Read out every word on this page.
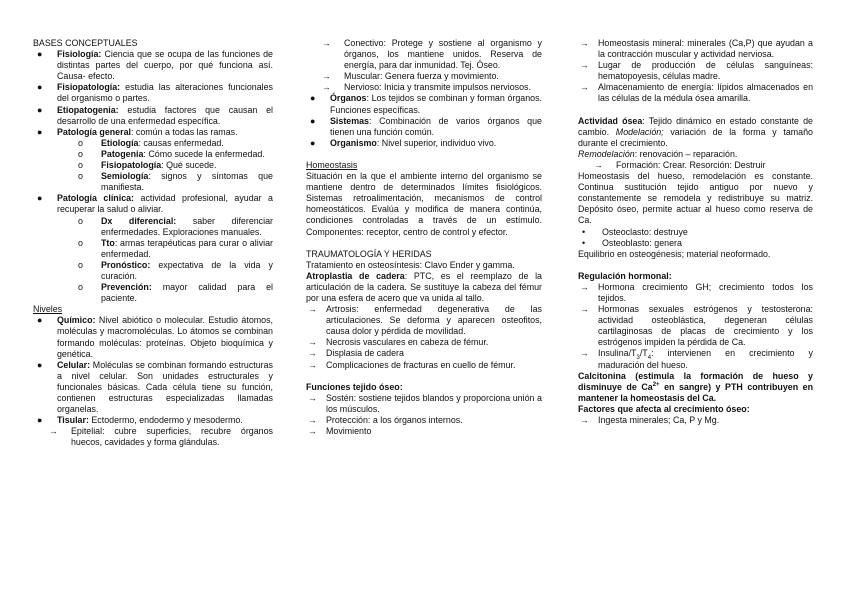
BASES CONCEPTUALES
● Fisiología: Ciencia que se ocupa de las funciones de distintas partes del cuerpo, por qué funciona así. Causa- efecto.
● Fisiopatología: estudia las alteraciones funcionales del organismo o partes.
● Etiopatogenia: estudia factores que causan el desarrollo de una enfermedad específica.
● Patología general: común a todas las ramas.
o Etiología: causas enfermedad.
o Patogenia: Cómo sucede la enfermedad.
o Fisiopatología: Qué sucede.
o Semiología: signos y síntomas que manifiesta.
● Patología clínica: actividad profesional, ayudar a recuperar la salud o aliviar.
o Dx diferencial: saber diferenciar enfermedades. Exploraciones manuales.
o Tto: armas terapéuticas para curar o aliviar enfermedad.
o Pronóstico: expectativa de la vida y curación.
o Prevención: mayor calidad para el paciente.
Niveles
● Químico: Nivel abiótico o molecular. Estudio átomos, moléculas y macromoléculas. Lo átomos se combinan formando moléculas: proteínas. Objeto bioquímica y genética.
● Celular: Moléculas se combinan formando estructuras a nivel celular. Son unidades estructurales y funcionales básicas. Cada célula tiene su función, contienen estructuras especializadas llamadas organelas.
● Tisular: Ectodermo, endodermo y mesodermo.
→ Epitelial: cubre superficies, recubre órganos huecos, cavidades y forma glándulas.
→ Conectivo: Protege y sostiene al organismo y órganos, los mantiene unidos. Reserva de energía, para dar inmunidad. Tej. Óseo.
→ Muscular: Genera fuerza y movimiento.
→ Nervioso: Inicia y transmite impulsos nerviosos.
● Órganos: Los tejidos se combinan y forman órganos. Funciones específicas.
● Sistemas: Combinación de varios órganos que tienen una función común.
● Organismo: Nivel superior, individuo vivo.
Homeostasis
Situación en la que el ambiente interno del organismo se mantiene dentro de determinados límites fisiológicos. Sistemas retroalimentación, mecanismos de control homeostáticos. Evalúa y modifica de manera continúa, condiciones controladas a través de un estímulo. Componentes: receptor, centro de control y efector.
TRAUMATOLOGÍA Y HERIDAS
Tratamiento en osteosíntesis: Clavo Ender y gamma.
Atroplastia de cadera: PTC, es el reemplazo de la articulación de la cadera. Se sustituye la cabeza del fémur por una esfera de acero que va unida al tallo.
→ Artrosis: enfermedad degenerativa de las articulaciones. Se deforma y aparecen osteofitos, causa dolor y pérdida de movilidad.
→ Necrosis vasculares en cabeza de fémur.
→ Displasia de cadera
→ Complicaciones de fracturas en cuello de fémur.
Funciones tejido óseo:
→ Sostén: sostiene tejidos blandos y proporciona unión a los músculos.
→ Protección: a los órganos internos.
→ Movimiento
→ Homeostasis mineral: minerales (Ca,P) que ayudan a la contracción muscular y actividad nerviosa.
→ Lugar de producción de células sanguíneas: hematopoyesis, células madre.
→ Almacenamiento de energía: lípidos almacenados en las células de la médula ósea amarilla.
Actividad ósea: Tejido dinámico en estado constante de cambio. Modelación; variación de la forma y tamaño durante el crecimiento.
Remodelación: renovación – reparación.
→ Formación: Crear. Resorción: Destruir
Homeostasis del hueso, remodelación es constante. Continua sustitución tejido antiguo por nuevo y constantemente se remodela y redistribuye su matriz. Depósito óseo, permite actuar al hueso como reserva de Ca.
• Osteoclasto: destruye
• Osteoblasto: genera
Equilibrio en osteogénesis; material neoformado.
Regulación hormonal:
→ Hormona crecimiento GH; crecimiento todos los tejidos.
→ Hormonas sexuales estrógenos y testosterona: actividad osteoblástica, degeneran células cartilaginosas de placas de crecimiento y los estrógenos impiden la pérdida de Ca.
→ Insulina/$T_3/T_4$: intervienen en crecimiento y maduración del hueso.
Calcitonina (estimula la formación de hueso y disminuye de $Ca^{2+}$ en sangre) y PTH contribuyen en mantener la homeostasis del Ca.
Factores que afecta al crecimiento óseo:
→ Ingesta minerales; Ca, P y Mg.
